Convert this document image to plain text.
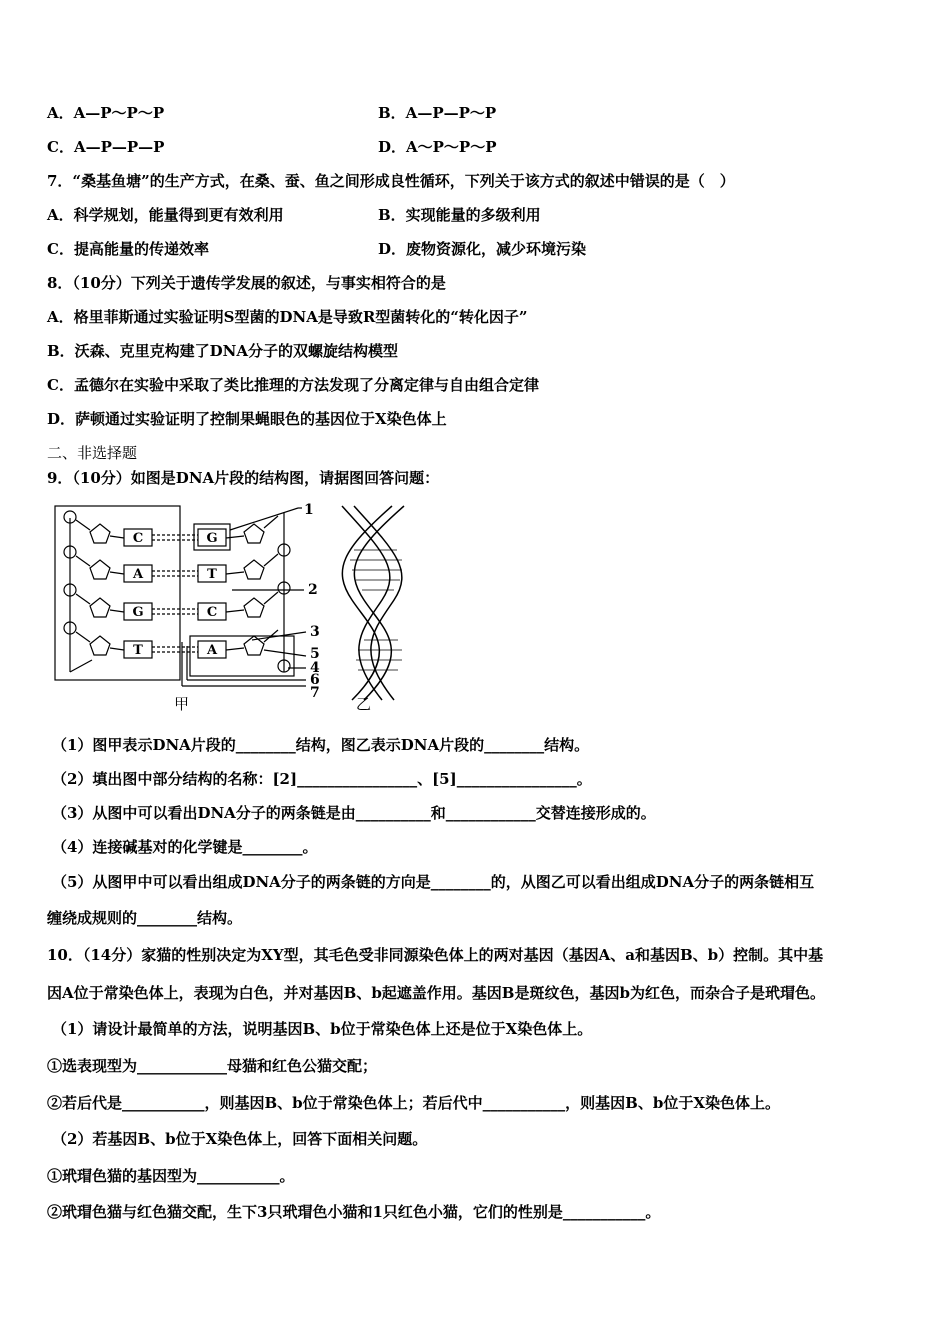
A．A—P～P～P	B．A—P—P～P
C．A—P—P—P	D．A～P～P～P
7．“桑基鱼塘”的生产方式，在桑、蚕、鱼之间形成良性循环，下列关于该方式的叙述中错误的是（　）
A．科学规划，能量得到更有效利用	B．实现能量的多级利用
C．提高能量的传递效率	D．废物资源化，减少环境污染
8．（10分）下列关于遗传学发展的叙述，与事实相符合的是
A．格里菲斯通过实验证明S型菌的DNA是导致R型菌转化的“转化因子”
B．沃森、克里克构建了DNA分子的双螺旋结构模型
C．孟德尔在实验中采取了类比推理的方法发现了分离定律与自由组合定律
D．萨顿通过实验证明了控制果蝇眼色的基因位于X染色体上
二、非选择题
9．（10分）如图是DNA片段的结构图，请据图回答问题：
C	G
A	T
G	C
T	A
1
2
3
5
4
6
7
甲	乙
（1）图甲表示DNA片段的________结构，图乙表示DNA片段的________结构。
（2）填出图中部分结构的名称：[2]________________、[5]________________。
（3）从图中可以看出DNA分子的两条链是由__________和____________交替连接形成的。
（4）连接碱基对的化学键是________。
（5）从图甲中可以看出组成DNA分子的两条链的方向是________的，从图乙可以看出组成DNA分子的两条链相互
缠绕成规则的________结构。
10．（14分）家猫的性别决定为XY型，其毛色受非同源染色体上的两对基因（基因A、a和基因B、b）控制。其中基
因A位于常染色体上，表现为白色，并对基因B、b起遮盖作用。基因B是斑纹色，基因b为红色，而杂合子是玳瑁色。
（1）请设计最简单的方法，说明基因B、b位于常染色体上还是位于X染色体上。
①选表现型为____________母猫和红色公猫交配；
②若后代是___________，则基因B、b位于常染色体上；若后代中___________，则基因B、b位于X染色体上。
（2）若基因B、b位于X染色体上，回答下面相关问题。
①玳瑁色猫的基因型为___________。
②玳瑁色猫与红色猫交配，生下3只玳瑁色小猫和1只红色小猫，它们的性别是___________。
